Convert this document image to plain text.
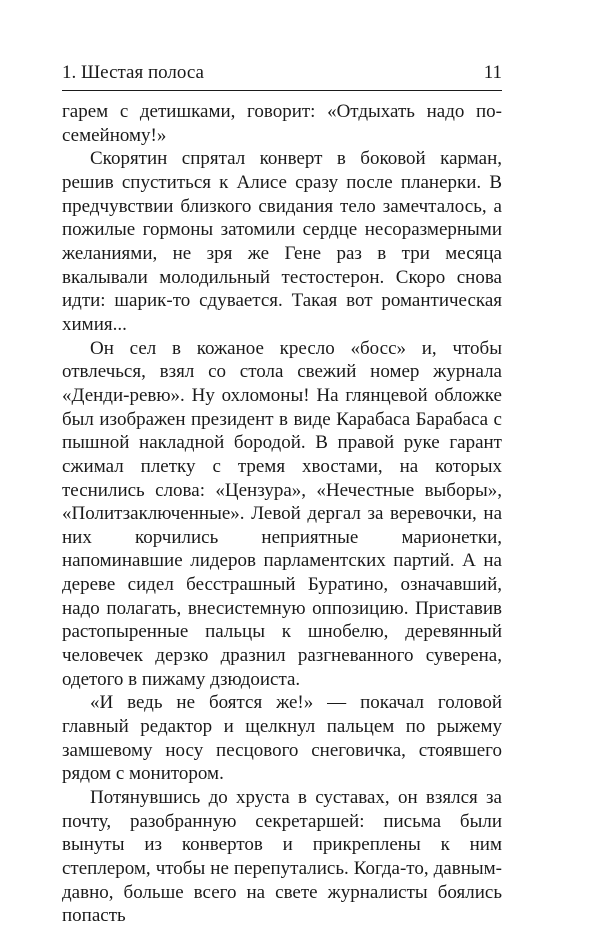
1. Шестая полоса	11

гарем с детишками, говорит: «Отдыхать надо по-семейному!»

Скорятин спрятал конверт в боковой карман, решив спуститься к Алисе сразу после планерки. В предчувствии близкого свидания тело замечталось, а пожилые гормоны затомили сердце несоразмерными желаниями, не зря же Гене раз в три месяца вкалывали молодильный тестостерон. Скоро снова идти: шарик-то сдувается. Такая вот романтическая химия...

Он сел в кожаное кресло «босс» и, чтобы отвлечься, взял со стола свежий номер журнала «Денди-ревю». Ну охломоны! На глянцевой обложке был изображен президент в виде Карабаса Барабаса с пышной накладной бородой. В правой руке гарант сжимал плетку с тремя хвостами, на которых теснились слова: «Цензура», «Нечестные выборы», «Политзаключенные». Левой дергал за веревочки, на них корчились неприятные марионетки, напоминавшие лидеров парламентских партий. А на дереве сидел бесстрашный Буратино, означавший, надо полагать, внесистемную оппозицию. Приставив растопыренные пальцы к шнобелю, деревянный человечек дерзко дразнил разгневанного суверена, одетого в пижаму дзюдоиста.

«И ведь не боятся же!» — покачал головой главный редактор и щелкнул пальцем по рыжему замшевому носу песцового снеговичка, стоявшего рядом с монитором.

Потянувшись до хруста в суставах, он взялся за почту, разобранную секретаршей: письма были вынуты из конвертов и прикреплены к ним степлером, чтобы не перепутались. Когда-то, давным-давно, больше всего на свете журналисты боялись попасть
